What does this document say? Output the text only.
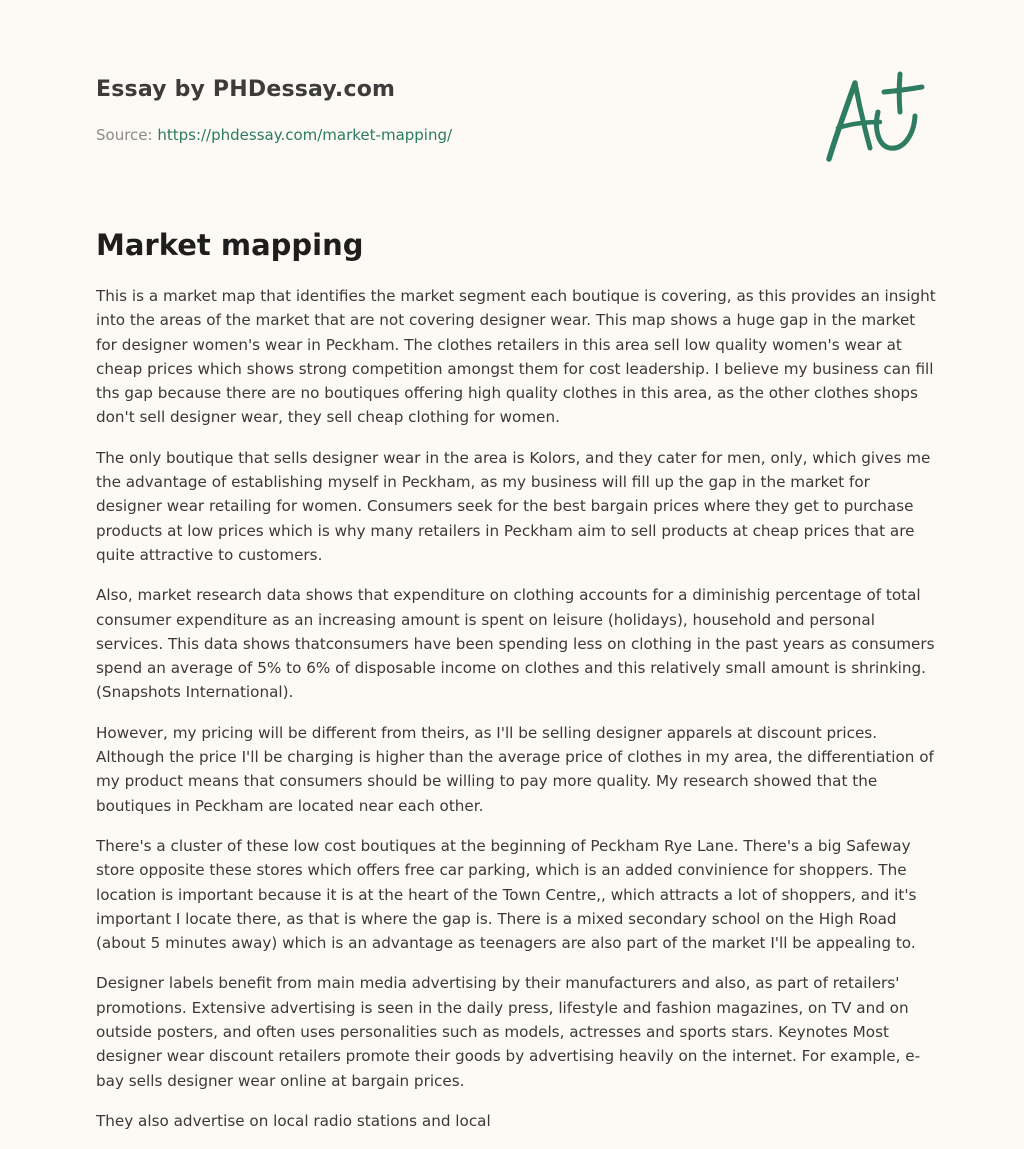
Essay by PHDessay.com
Source: https://phdessay.com/market-mapping/
Market mapping

This is a market map that identifies the market segment each boutique is covering, as this provides an insight into the areas of the market that are not covering designer wear. This map shows a huge gap in the market for designer women's wear in Peckham. The clothes retailers in this area sell low quality women's wear at cheap prices which shows strong competition amongst them for cost leadership. I believe my business can fill ths gap because there are no boutiques offering high quality clothes in this area, as the other clothes shops don't sell designer wear, they sell cheap clothing for women.

The only boutique that sells designer wear in the area is Kolors, and they cater for men, only, which gives me the advantage of establishing myself in Peckham, as my business will fill up the gap in the market for designer wear retailing for women. Consumers seek for the best bargain prices where they get to purchase products at low prices which is why many retailers in Peckham aim to sell products at cheap prices that are quite attractive to customers.

Also, market research data shows that expenditure on clothing accounts for a diminishig percentage of total consumer expenditure as an increasing amount is spent on leisure (holidays), household and personal services. This data shows thatconsumers have been spending less on clothing in the past years as consumers spend an average of 5% to 6% of disposable income on clothes and this relatively small amount is shrinking. (Snapshots International).

However, my pricing will be different from theirs, as I'll be selling designer apparels at discount prices. Although the price I'll be charging is higher than the average price of clothes in my area, the differentiation of my product means that consumers should be willing to pay more quality. My research showed that the boutiques in Peckham are located near each other.

There's a cluster of these low cost boutiques at the beginning of Peckham Rye Lane. There's a big Safeway store opposite these stores which offers free car parking, which is an added convinience for shoppers. The location is important because it is at the heart of the Town Centre,, which attracts a lot of shoppers, and it's important I locate there, as that is where the gap is. There is a mixed secondary school on the High Road (about 5 minutes away) which is an advantage as teenagers are also part of the market I'll be appealing to.

Designer labels benefit from main media advertising by their manufacturers and also, as part of retailers' promotions. Extensive advertising is seen in the daily press, lifestyle and fashion magazines, on TV and on outside posters, and often uses personalities such as models, actresses and sports stars. Keynotes Most designer wear discount retailers promote their goods by advertising heavily on the internet. For example, e-bay sells designer wear online at bargain prices.

They also advertise on local radio stations and local
